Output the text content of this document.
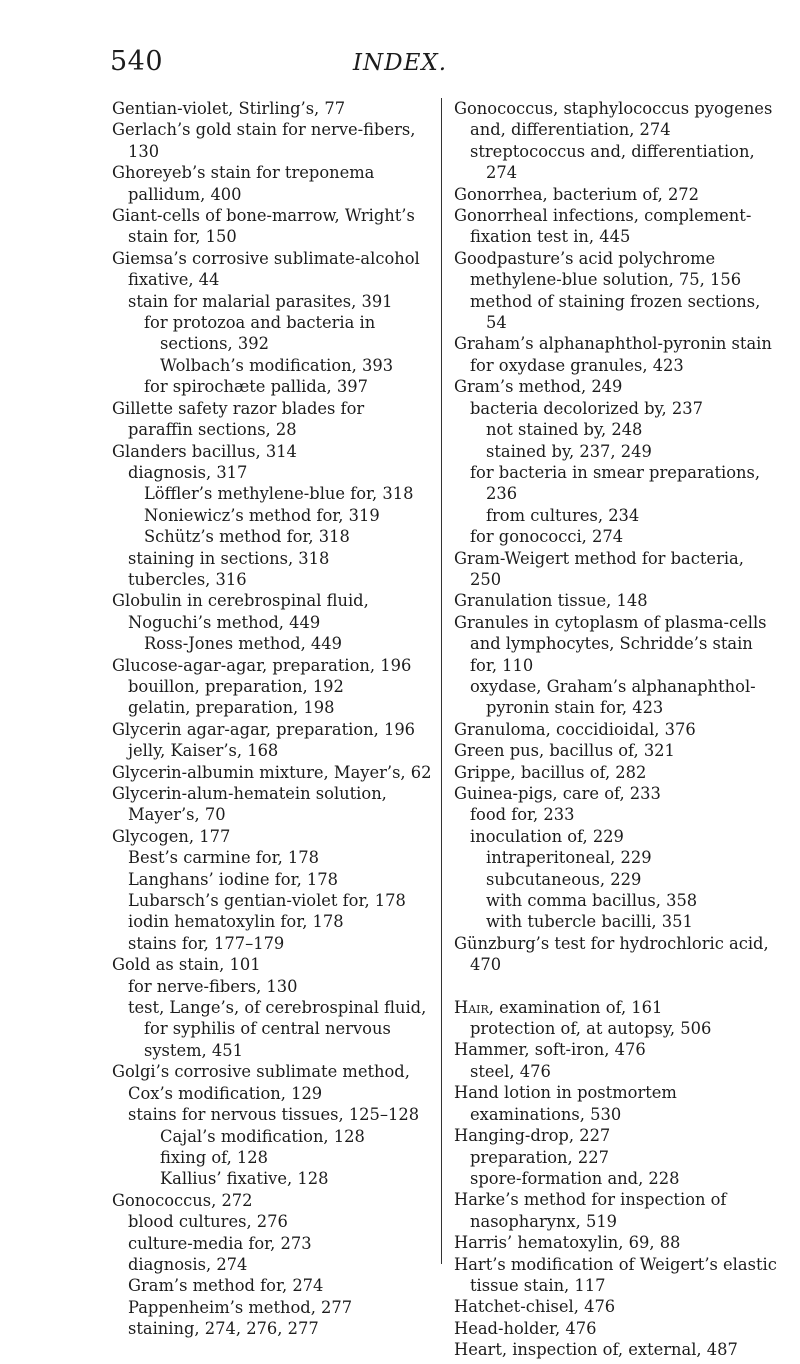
540	INDEX.

Gentian-violet, Stirling’s, 77

Gerlach’s gold stain for nerve-fibers, 130

Ghoreyeb’s stain for treponema pallidum, 400

Giant-cells of bone-marrow, Wright’s stain for, 150

Giemsa’s corrosive sublimate-alcohol fixative, 44

stain for malarial parasites, 391

for protozoa and bacteria in sections, 392

Wolbach’s modification, 393

for spirochæte pallida, 397

Gillette safety razor blades for paraffin sections, 28

Glanders bacillus, 314

diagnosis, 317

Löffler’s methylene-blue for, 318

Noniewicz’s method for, 319

Schütz’s method for, 318

staining in sections, 318

tubercles, 316

Globulin in cerebrospinal fluid, Noguchi’s method, 449

Ross-Jones method, 449

Glucose-agar-agar, preparation, 196

bouillon, preparation, 192

gelatin, preparation, 198

Glycerin agar-agar, preparation, 196

jelly, Kaiser’s, 168

Glycerin-albumin mixture, Mayer’s, 62

Glycerin-alum-hematein solution, Mayer’s, 70

Glycogen, 177

Best’s carmine for, 178

Langhans’ iodine for, 178

Lubarsch’s gentian-violet for, 178

iodin hematoxylin for, 178

stains for, 177–179

Gold as stain, 101

for nerve-fibers, 130

test, Lange’s, of cerebrospinal fluid, for syphilis of central nervous system, 451

Golgi’s corrosive sublimate method, Cox’s modification, 129

stains for nervous tissues, 125–128

Cajal’s modification, 128

fixing of, 128

Kallius’ fixative, 128

Gonococcus, 272

blood cultures, 276

culture-media for, 273

diagnosis, 274

Gram’s method for, 274

Pappenheim’s method, 277

staining, 274, 276, 277

Gonococcus, staphylococcus pyogenes and, differentiation, 274

streptococcus and, differentiation, 274

Gonorrhea, bacterium of, 272

Gonorrheal infections, complement-fixation test in, 445

Goodpasture’s acid polychrome methylene-blue solution, 75, 156

method of staining frozen sections, 54

Graham’s alphanaphthol-pyronin stain for oxydase granules, 423

Gram’s method, 249

bacteria decolorized by, 237

not stained by, 248

stained by, 237, 249

for bacteria in smear preparations, 236

from cultures, 234

for gonococci, 274

Gram-Weigert method for bacteria, 250

Granulation tissue, 148

Granules in cytoplasm of plasma-cells and lymphocytes, Schridde’s stain for, 110

oxydase, Graham’s alphanaphthol-pyronin stain for, 423

Granuloma, coccidioidal, 376

Green pus, bacillus of, 321

Grippe, bacillus of, 282

Guinea-pigs, care of, 233

food for, 233

inoculation of, 229

intraperitoneal, 229

subcutaneous, 229

with comma bacillus, 358

with tubercle bacilli, 351

Günzburg’s test for hydrochloric acid, 470

Hair, examination of, 161

protection of, at autopsy, 506

Hammer, soft-iron, 476

steel, 476

Hand lotion in postmortem examinations, 530

Hanging-drop, 227

preparation, 227

spore-formation and, 228

Harke’s method for inspection of nasopharynx, 519

Harris’ hematoxylin, 69, 88

Hart’s modification of Weigert’s elastic tissue stain, 117

Hatchet-chisel, 476

Head-holder, 476

Heart, inspection of, external, 487
